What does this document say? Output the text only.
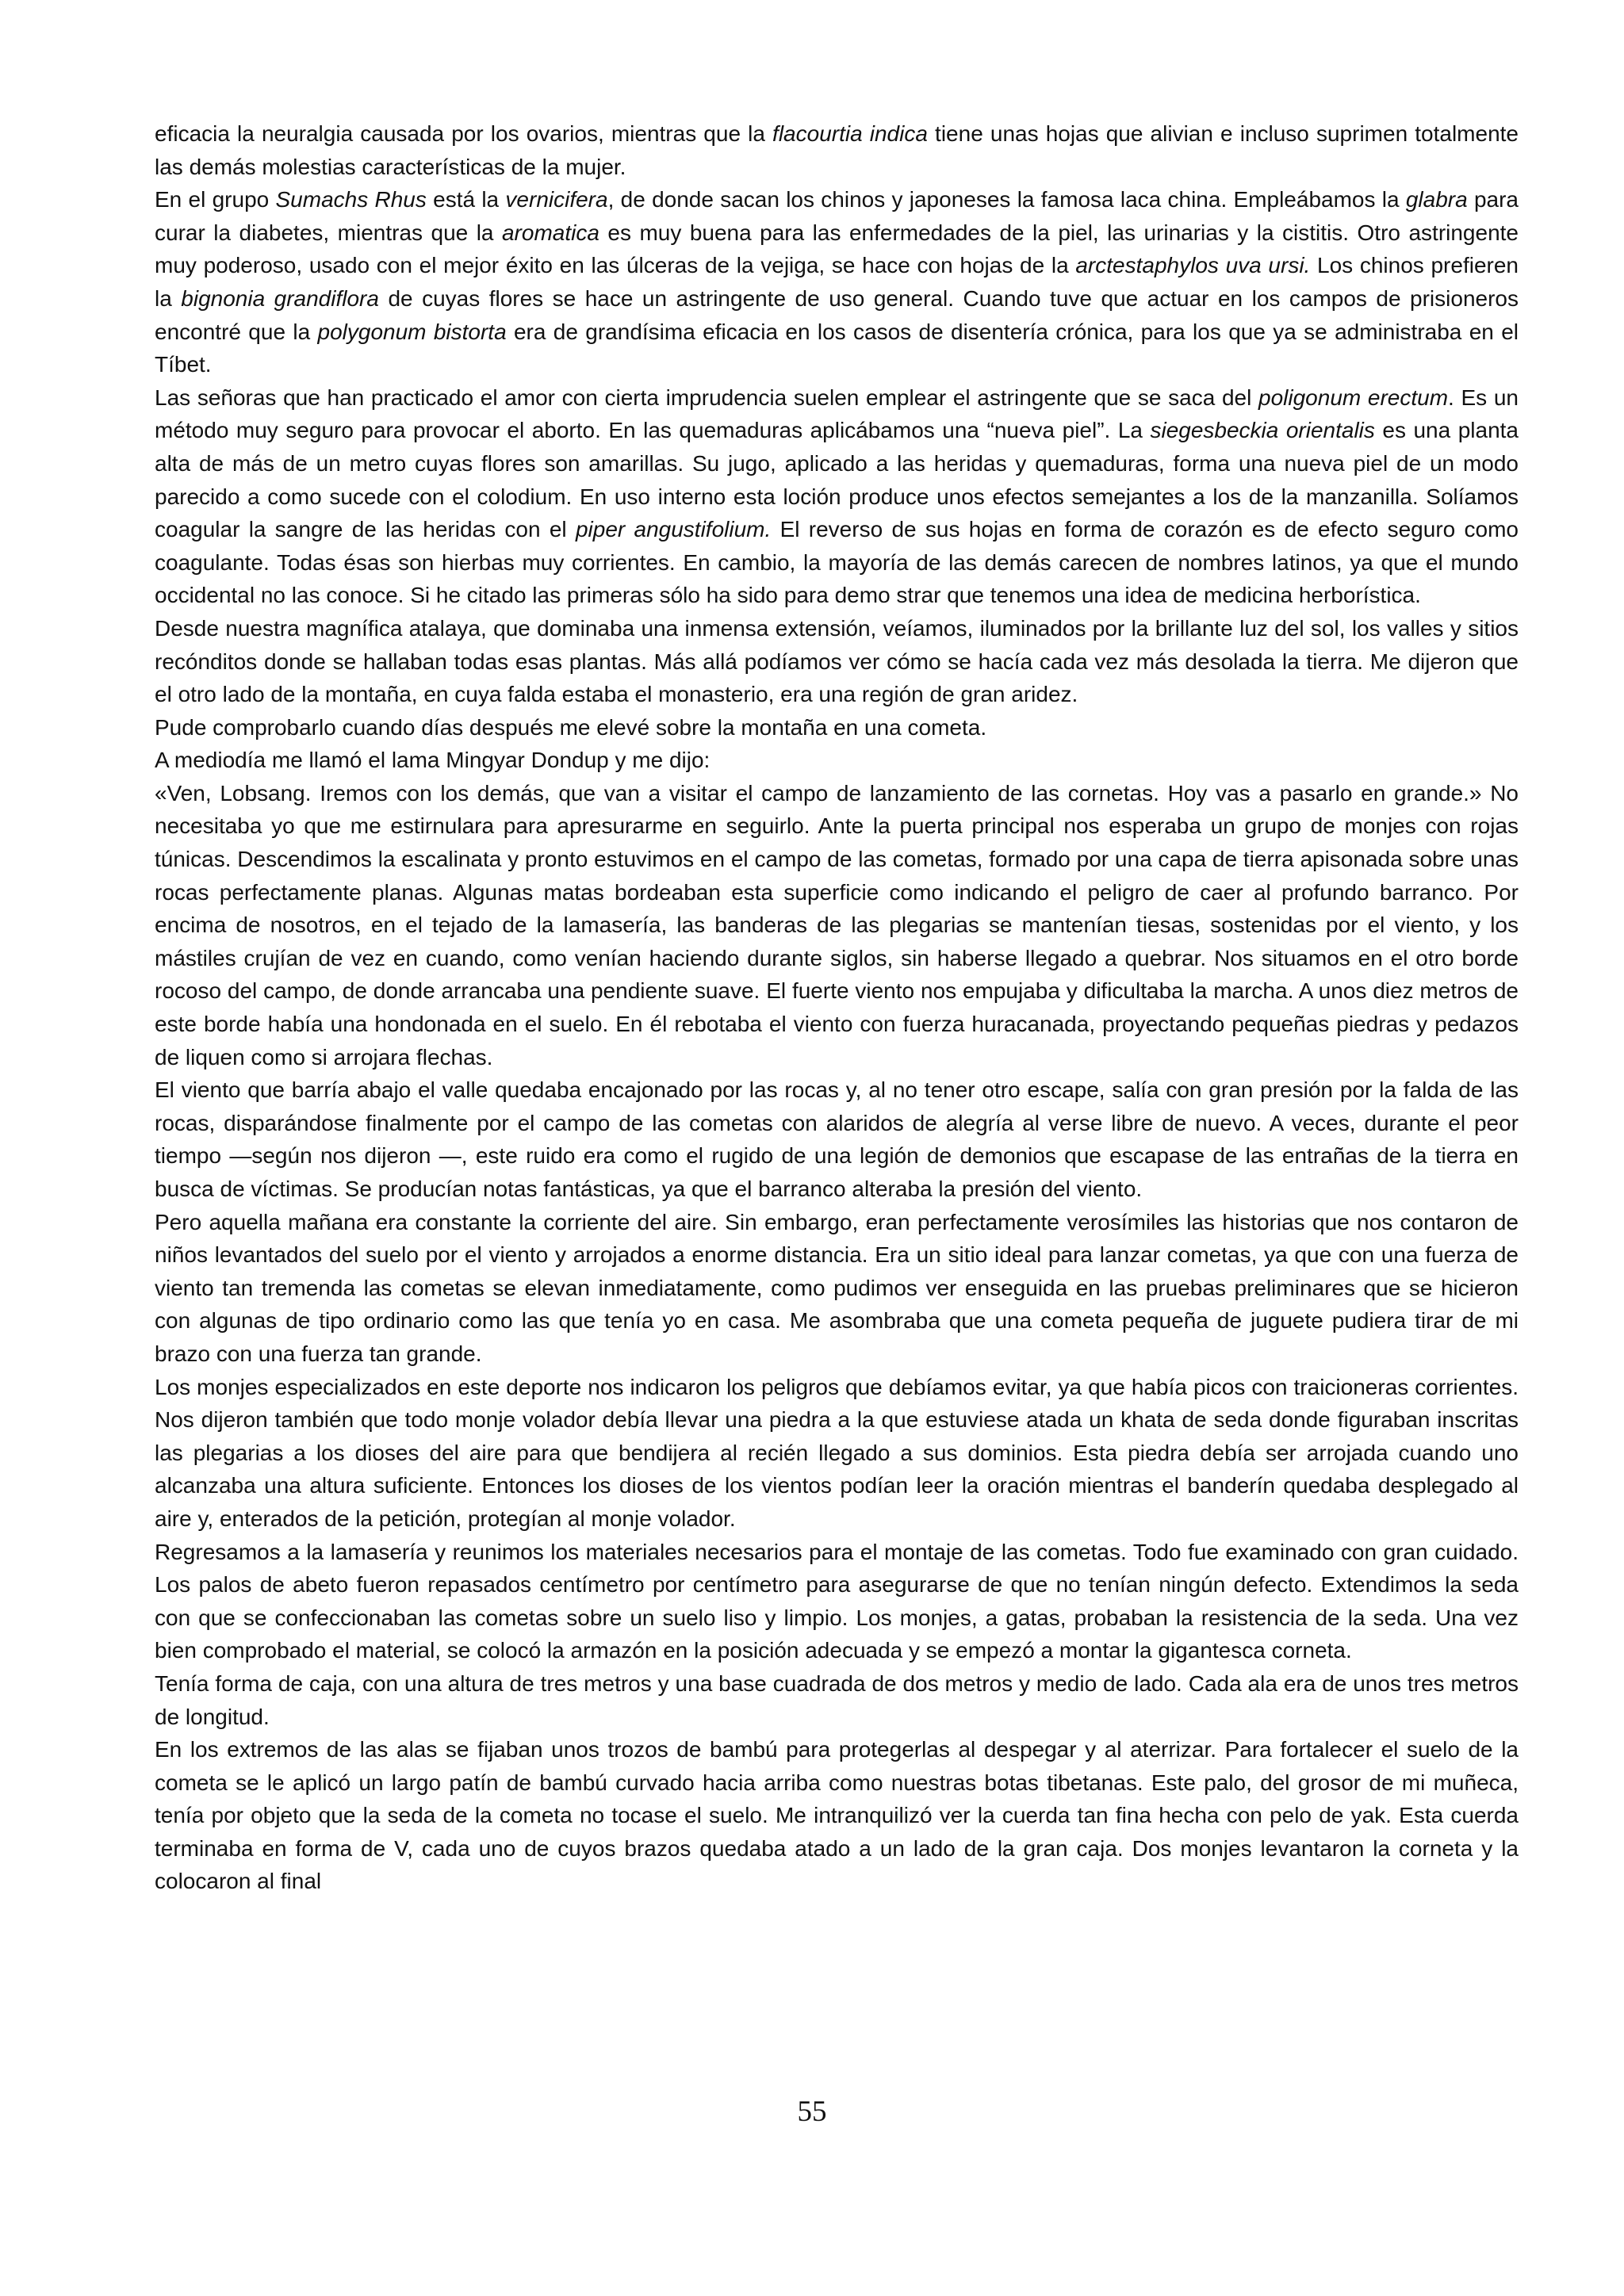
eficacia la neuralgia causada por los ovarios, mientras que la flacourtia indica tiene unas hojas que alivian e incluso suprimen totalmente las demás molestias características de la mujer.

En el grupo Sumachs Rhus está la vernicifera, de donde sacan los chinos y japoneses la famosa laca china. Empleábamos la glabra para curar la diabetes, mientras que la aromatica es muy buena para las enfermedades de la piel, las urinarias y la cistitis. Otro astringente muy poderoso, usado con el mejor éxito en las úlceras de la vejiga, se hace con hojas de la arctestaphylos uva ursi. Los chinos prefieren la bignonia grandiflora de cuyas flores se hace un astringente de uso general. Cuando tuve que actuar en los campos de prisioneros encontré que la polygonum bistorta era de grandísima eficacia en los casos de disentería crónica, para los que ya se administraba en el Tíbet.

Las señoras que han practicado el amor con cierta imprudencia suelen emplear el astringente que se saca del poligonum erectum. Es un método muy seguro para provocar el aborto. En las quemaduras aplicábamos una “nueva piel”. La siegesbeckia orientalis es una planta alta de más de un metro cuyas flores son amarillas. Su jugo, aplicado a las heridas y quemaduras, forma una nueva piel de un modo parecido a como sucede con el colodium. En uso interno esta loción produce unos efectos semejantes a los de la manzanilla. Solíamos coagular la sangre de las heridas con el piper angustifolium. El reverso de sus hojas en forma de corazón es de efecto seguro como coagulante. Todas ésas son hierbas muy corrientes. En cambio, la mayoría de las demás carecen de nombres latinos, ya que el mundo occidental no las conoce. Si he citado las primeras sólo ha sido para demo strar que tenemos una idea de medicina herborística.

Desde nuestra magnífica atalaya, que dominaba una inmensa extensión, veíamos, iluminados por la brillante luz del sol, los valles y sitios recónditos donde se hallaban todas esas plantas. Más allá podíamos ver cómo se hacía cada vez más desolada la tierra. Me dijeron que el otro lado de la montaña, en cuya falda estaba el monasterio, era una región de gran aridez.

Pude comprobarlo cuando días después me elevé sobre la montaña en una cometa.

A mediodía me llamó el lama Mingyar Dondup y me dijo:

«Ven, Lobsang. Iremos con los demás, que van a visitar el campo de lanzamiento de las cornetas. Hoy vas a pasarlo en grande.» No necesitaba yo que me estirnulara para apresurarme en seguirlo. Ante la puerta principal nos esperaba un grupo de monjes con rojas túnicas. Descendimos la escalinata y pronto estuvimos en el campo de las cometas, formado por una capa de tierra apisonada sobre unas rocas perfectamente planas. Algunas matas bordeaban esta superficie como indicando el peligro de caer al profundo barranco. Por encima de nosotros, en el tejado de la lamasería, las banderas de las plegarias se mantenían tiesas, sostenidas por el viento, y los mástiles crujían de vez en cuando, como venían haciendo durante siglos, sin haberse llegado a quebrar. Nos situamos en el otro borde rocoso del campo, de donde arrancaba una pendiente suave. El fuerte viento nos empujaba y dificultaba la marcha. A unos diez metros de este borde había una hondonada en el suelo. En él rebotaba el viento con fuerza huracanada, proyectando pequeñas piedras y pedazos de liquen como si arrojara flechas.

El viento que barría abajo el valle quedaba encajonado por las rocas y, al no tener otro escape, salía con gran presión por la falda de las rocas, disparándose finalmente por el campo de las cometas con alaridos de alegría al verse libre de nuevo. A veces, durante el peor tiempo —según nos dijeron —, este ruido era como el rugido de una legión de demonios que escapase de las entrañas de la tierra en busca de víctimas. Se producían notas fantásticas, ya que el barranco alteraba la presión del viento.

Pero aquella mañana era constante la corriente del aire. Sin embargo, eran perfectamente verosímiles las historias que nos contaron de niños levantados del suelo por el viento y arrojados a enorme distancia. Era un sitio ideal para lanzar cometas, ya que con una fuerza de viento tan tremenda las cometas se elevan inmediatamente, como pudimos ver enseguida en las pruebas preliminares que se hicieron con algunas de tipo ordinario como las que tenía yo en casa. Me asombraba que una cometa pequeña de juguete pudiera tirar de mi brazo con una fuerza tan grande.

Los monjes especializados en este deporte nos indicaron los peligros que debíamos evitar, ya que había picos con traicioneras corrientes. Nos dijeron también que todo monje volador debía llevar una piedra a la que estuviese atada un khata de seda donde figuraban inscritas las plegarias a los dioses del aire para que bendijera al recién llegado a sus dominios. Esta piedra debía ser arrojada cuando uno alcanzaba una altura suficiente. Entonces los dioses de los vientos podían leer la oración mientras el banderín quedaba desplegado al aire y, enterados de la petición, protegían al monje volador.

Regresamos a la lamasería y reunimos los materiales necesarios para el montaje de las cometas. Todo fue examinado con gran cuidado. Los palos de abeto fueron repasados centímetro por centímetro para asegurarse de que no tenían ningún defecto. Extendimos la seda con que se confeccionaban las cometas sobre un suelo liso y limpio. Los monjes, a gatas, probaban la resistencia de la seda. Una vez bien comprobado el material, se colocó la armazón en la posición adecuada y se empezó a montar la gigantesca corneta.

Tenía forma de caja, con una altura de tres metros y una base cuadrada de dos metros y medio de lado. Cada ala era de unos tres metros de longitud.

En los extremos de las alas se fijaban unos trozos de bambú para protegerlas al despegar y al aterrizar. Para fortalecer el suelo de la cometa se le aplicó un largo patín de bambú curvado hacia arriba como nuestras botas tibetanas. Este palo, del grosor de mi muñeca, tenía por objeto que la seda de la cometa no tocase el suelo. Me intranquilizó ver la cuerda tan fina hecha con pelo de yak. Esta cuerda terminaba en forma de V, cada uno de cuyos brazos quedaba atado a un lado de la gran caja. Dos monjes levantaron la corneta y la colocaron al final

55
